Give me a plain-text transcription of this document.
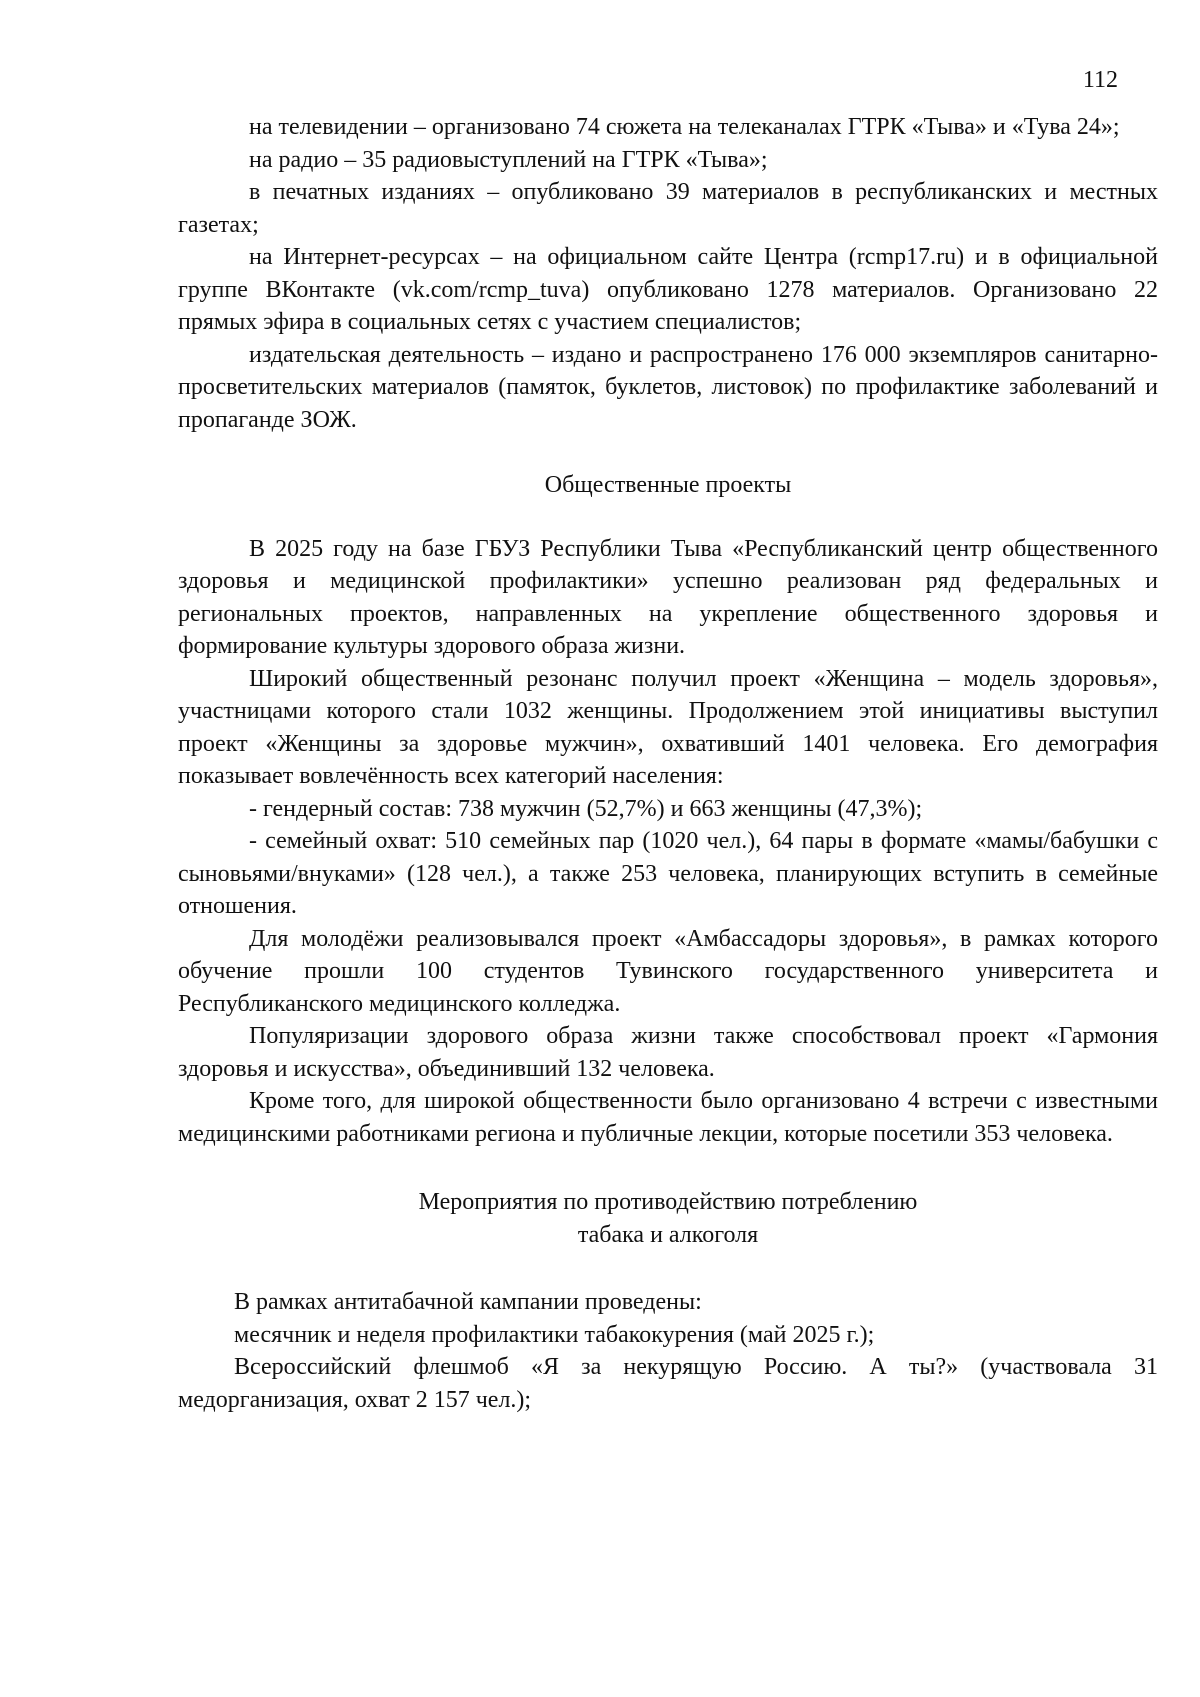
112

на телевидении – организовано 74 сюжета на телеканалах ГТРК «Тыва» и «Тува 24»;

на радио – 35 радиовыступлений на ГТРК «Тыва»;

в печатных изданиях – опубликовано 39 материалов в республиканских и местных газетах;

на Интернет-ресурсах – на официальном сайте Центра (rcmp17.ru) и в официальной группе ВКонтакте (vk.com/rcmp_tuva) опубликовано 1278 материалов. Организовано 22 прямых эфира в социальных сетях с участием специалистов;

издательская деятельность – издано и распространено 176 000 экземпляров санитарно-просветительских материалов (памяток, буклетов, листовок) по профилактике заболеваний и пропаганде ЗОЖ.

Общественные проекты

В 2025 году на базе ГБУЗ Республики Тыва «Республиканский центр общественного здоровья и медицинской профилактики» успешно реализован ряд федеральных и региональных проектов, направленных на укрепление общественного здоровья и формирование культуры здорового образа жизни.

Широкий общественный резонанс получил проект «Женщина – модель здоровья», участницами которого стали 1032 женщины. Продолжением этой инициативы выступил проект «Женщины за здоровье мужчин», охвативший 1401 человека. Его демография показывает вовлечённость всех категорий населения:

- гендерный состав: 738 мужчин (52,7%) и 663 женщины (47,3%);

- семейный охват: 510 семейных пар (1020 чел.), 64 пары в формате «мамы/бабушки с сыновьями/внуками» (128 чел.), а также 253 человека, планирующих вступить в семейные отношения.

Для молодёжи реализовывался проект «Амбассадоры здоровья», в рамках которого обучение прошли 100 студентов Тувинского государственного университета и Республиканского медицинского колледжа.

Популяризации здорового образа жизни также способствовал проект «Гармония здоровья и искусства», объединивший 132 человека.

Кроме того, для широкой общественности было организовано 4 встречи с известными медицинскими работниками региона и публичные лекции, которые посетили 353 человека.

Мероприятия по противодействию потреблению
табака и алкоголя

В рамках антитабачной кампании проведены:

месячник и неделя профилактики табакокурения (май 2025 г.);

Всероссийский флешмоб «Я за некурящую Россию. А ты?» (участвовала 31 медорганизация, охват 2 157 чел.);
